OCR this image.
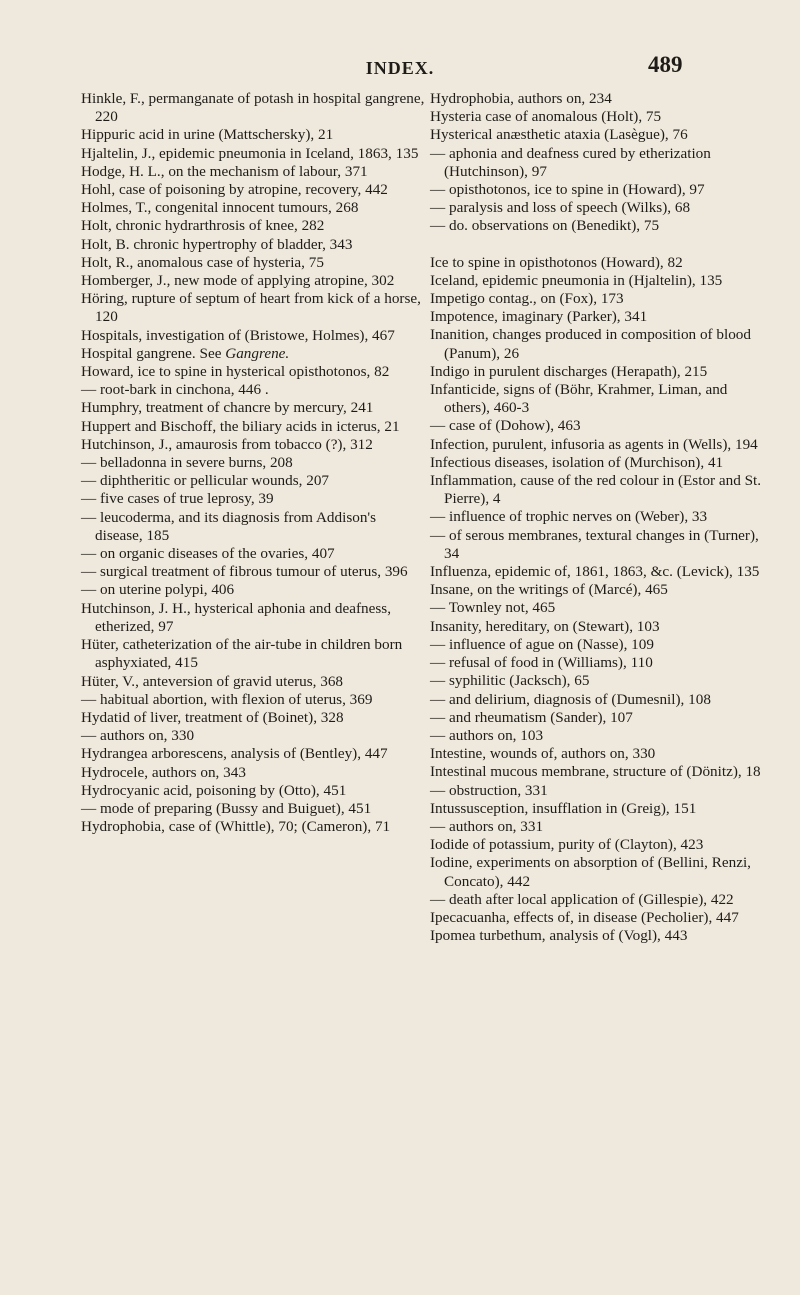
INDEX.	489

Hinkle, F., permanganate of potash in hospital gangrene, 220

Hippuric acid in urine (Mattschersky), 21

Hjaltelin, J., epidemic pneumonia in Iceland, 1863, 135

Hodge, H. L., on the mechanism of labour, 371

Hohl, case of poisoning by atropine, recovery, 442

Holmes, T., congenital innocent tumours, 268

Holt, chronic hydrarthrosis of knee, 282

Holt, B. chronic hypertrophy of bladder, 343

Holt, R., anomalous case of hysteria, 75

Homberger, J., new mode of applying atropine, 302

Höring, rupture of septum of heart from kick of a horse, 120

Hospitals, investigation of (Bristowe, Holmes), 467

Hospital gangrene. See Gangrene.

Howard, ice to spine in hysterical opisthotonos, 82

— root-bark in cinchona, 446 .

Humphry, treatment of chancre by mercury, 241

Huppert and Bischoff, the biliary acids in icterus, 21

Hutchinson, J., amaurosis from tobacco (?), 312

— belladonna in severe burns, 208

— diphtheritic or pellicular wounds, 207

— five cases of true leprosy, 39

— leucoderma, and its diagnosis from Addison's disease, 185

— on organic diseases of the ovaries, 407

— surgical treatment of fibrous tumour of uterus, 396

— on uterine polypi, 406

Hutchinson, J. H., hysterical aphonia and deafness, etherized, 97

Hüter, catheterization of the air-tube in children born asphyxiated, 415

Hüter, V., anteversion of gravid uterus, 368

— habitual abortion, with flexion of uterus, 369

Hydatid of liver, treatment of (Boinet), 328

— authors on, 330

Hydrangea arborescens, analysis of (Bentley), 447

Hydrocele, authors on, 343

Hydrocyanic acid, poisoning by (Otto), 451

— mode of preparing (Bussy and Buiguet), 451

Hydrophobia, case of (Whittle), 70; (Cameron), 71

Hydrophobia, authors on, 234

Hysteria case of anomalous (Holt), 75

Hysterical anæsthetic ataxia (Lasègue), 76

— aphonia and deafness cured by etherization (Hutchinson), 97

— opisthotonos, ice to spine in (Howard), 97

— paralysis and loss of speech (Wilks), 68

— do. observations on (Benedikt), 75

Ice to spine in opisthotonos (Howard), 82

Iceland, epidemic pneumonia in (Hjaltelin), 135

Impetigo contag., on (Fox), 173

Impotence, imaginary (Parker), 341

Inanition, changes produced in composition of blood (Panum), 26

Indigo in purulent discharges (Herapath), 215

Infanticide, signs of (Böhr, Krahmer, Liman, and others), 460-3

— case of (Dohow), 463

Infection, purulent, infusoria as agents in (Wells), 194

Infectious diseases, isolation of (Murchison), 41

Inflammation, cause of the red colour in (Estor and St. Pierre), 4

— influence of trophic nerves on (Weber), 33

— of serous membranes, textural changes in (Turner), 34

Influenza, epidemic of, 1861, 1863, &c. (Levick), 135

Insane, on the writings of (Marcé), 465

— Townley not, 465

Insanity, hereditary, on (Stewart), 103

— influence of ague on (Nasse), 109

— refusal of food in (Williams), 110

— syphilitic (Jacksch), 65

— and delirium, diagnosis of (Dumesnil), 108

— and rheumatism (Sander), 107

— authors on, 103

Intestine, wounds of, authors on, 330

Intestinal mucous membrane, structure of (Dönitz), 18

— obstruction, 331

Intussusception, insufflation in (Greig), 151

— authors on, 331

Iodide of potassium, purity of (Clayton), 423

Iodine, experiments on absorption of (Bellini, Renzi, Concato), 442

— death after local application of (Gillespie), 422

Ipecacuanha, effects of, in disease (Pecholier), 447

Ipomea turbethum, analysis of (Vogl), 443
